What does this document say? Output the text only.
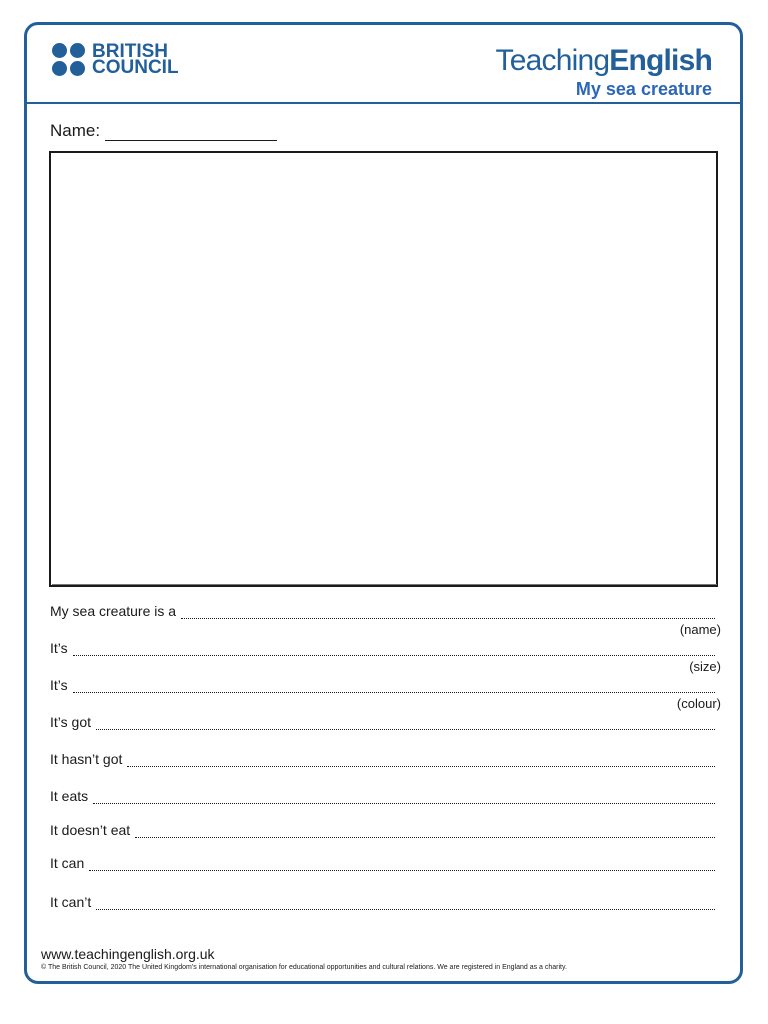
BRITISH
COUNCIL	TeachingEnglish
My sea creature
Name:
My sea creature is a
(name)
It’s
(size)
It’s
(colour)
It’s got
It hasn’t got
It eats
It doesn’t eat
It can
It can’t
www.teachingenglish.org.uk
© The British Council, 2020 The United Kingdom’s international organisation for educational opportunities and cultural relations. We are registered in England as a charity.
